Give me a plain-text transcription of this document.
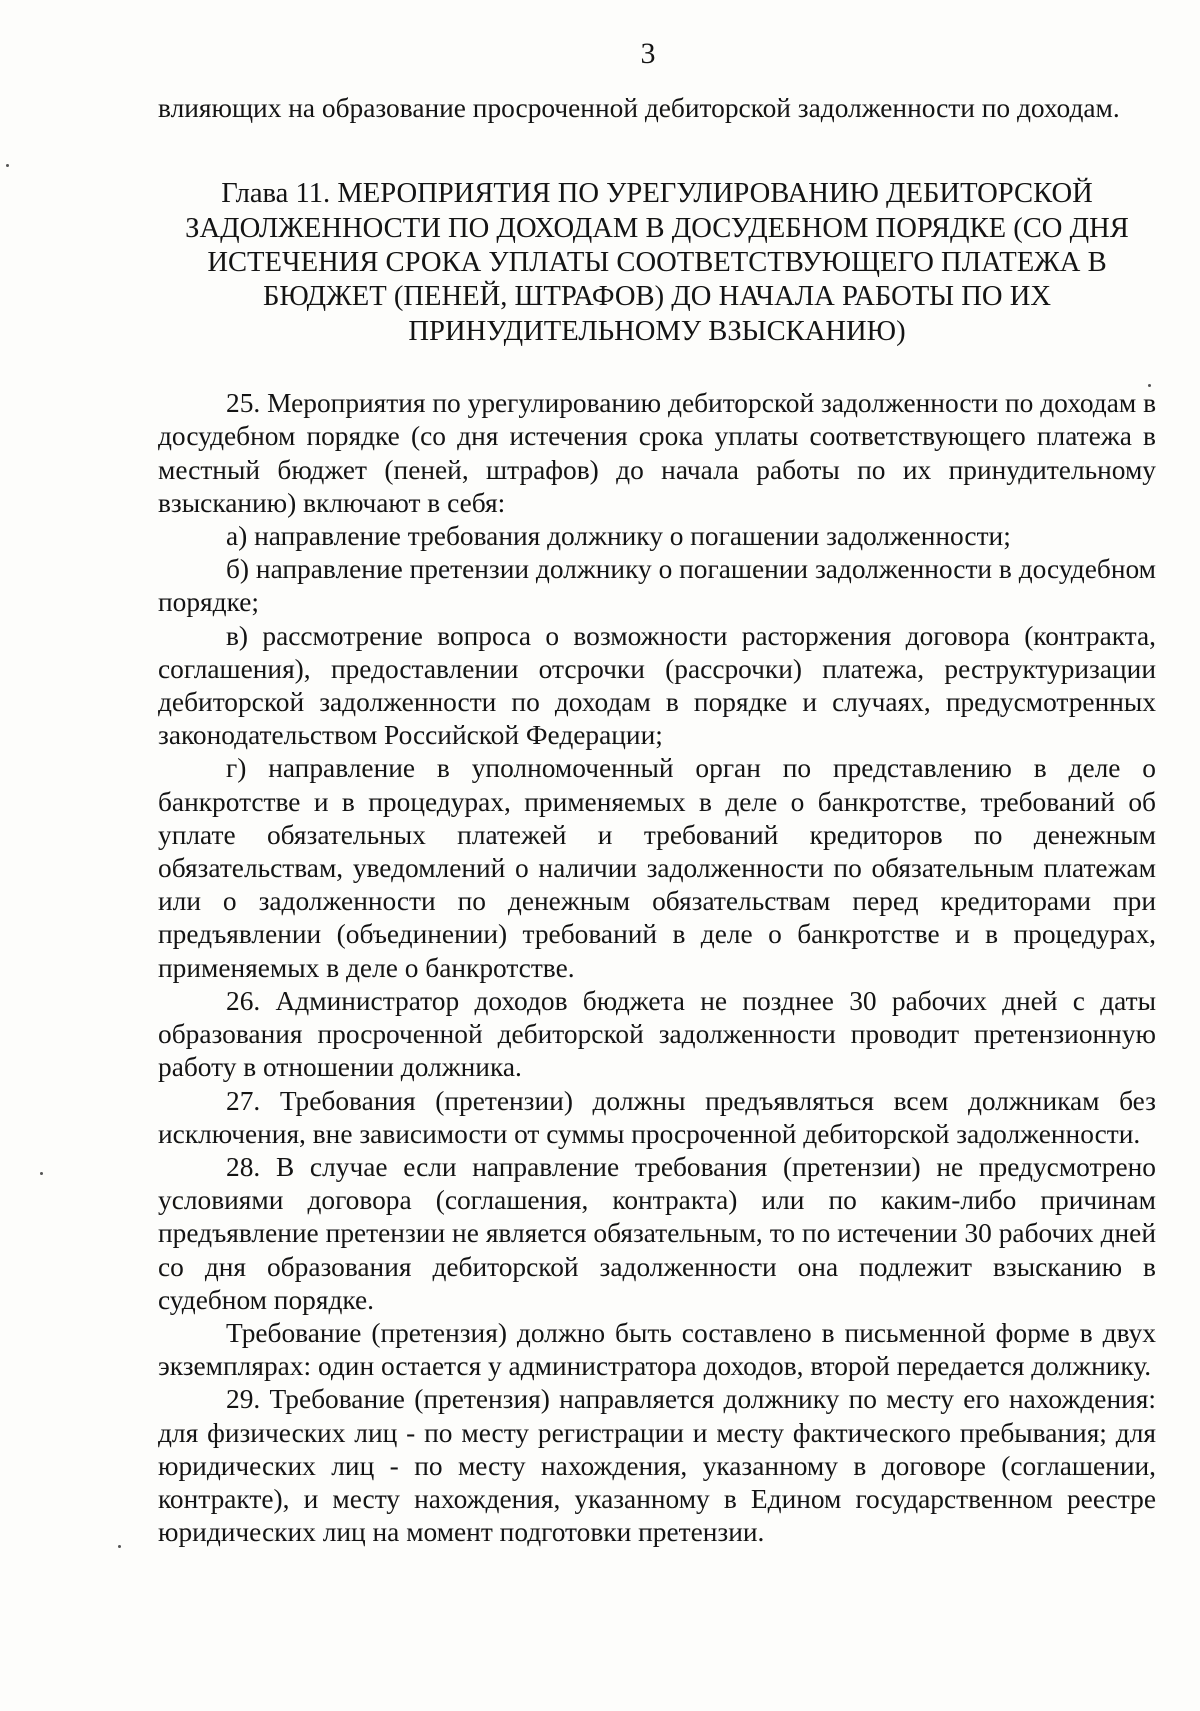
3

влияющих на образование просроченной дебиторской задолженности по доходам.

Глава 11. МЕРОПРИЯТИЯ ПО УРЕГУЛИРОВАНИЮ ДЕБИТОРСКОЙ ЗАДОЛЖЕННОСТИ ПО ДОХОДАМ В ДОСУДЕБНОМ ПОРЯДКЕ (СО ДНЯ ИСТЕЧЕНИЯ СРОКА УПЛАТЫ СООТВЕТСТВУЮЩЕГО ПЛАТЕЖА В БЮДЖЕТ (ПЕНЕЙ, ШТРАФОВ) ДО НАЧАЛА РАБОТЫ ПО ИХ ПРИНУДИТЕЛЬНОМУ ВЗЫСКАНИЮ)

25. Мероприятия по урегулированию дебиторской задолженности по доходам в досудебном порядке (со дня истечения срока уплаты соответствующего платежа в местный бюджет (пеней, штрафов) до начала работы по их принудительному взысканию) включают в себя:

а) направление требования должнику о погашении задолженности;

б) направление претензии должнику о погашении задолженности в досудебном порядке;

в) рассмотрение вопроса о возможности расторжения договора (контракта, соглашения), предоставлении отсрочки (рассрочки) платежа, реструктуризации дебиторской задолженности по доходам в порядке и случаях, предусмотренных законодательством Российской Федерации;

г) направление в уполномоченный орган по представлению в деле о банкротстве и в процедурах, применяемых в деле о банкротстве, требований об уплате обязательных платежей и требований кредиторов по денежным обязательствам, уведомлений о наличии задолженности по обязательным платежам или о задолженности по денежным обязательствам перед кредиторами при предъявлении (объединении) требований в деле о банкротстве и в процедурах, применяемых в деле о банкротстве.

26. Администратор доходов бюджета не позднее 30 рабочих дней с даты образования просроченной дебиторской задолженности проводит претензионную работу в отношении должника.

27. Требования (претензии) должны предъявляться всем должникам без исключения, вне зависимости от суммы просроченной дебиторской задолженности.

28. В случае если направление требования (претензии) не предусмотрено условиями договора (соглашения, контракта) или по каким-либо причинам предъявление претензии не является обязательным, то по истечении 30 рабочих дней со дня образования дебиторской задолженности она подлежит взысканию в судебном порядке.

Требование (претензия) должно быть составлено в письменной форме в двух экземплярах: один остается у администратора доходов, второй передается должнику.

29. Требование (претензия) направляется должнику по месту его нахождения: для физических лиц - по месту регистрации и месту фактического пребывания; для юридических лиц - по месту нахождения, указанному в договоре (соглашении, контракте), и месту нахождения, указанному в Едином государственном реестре юридических лиц на момент подготовки претензии.
